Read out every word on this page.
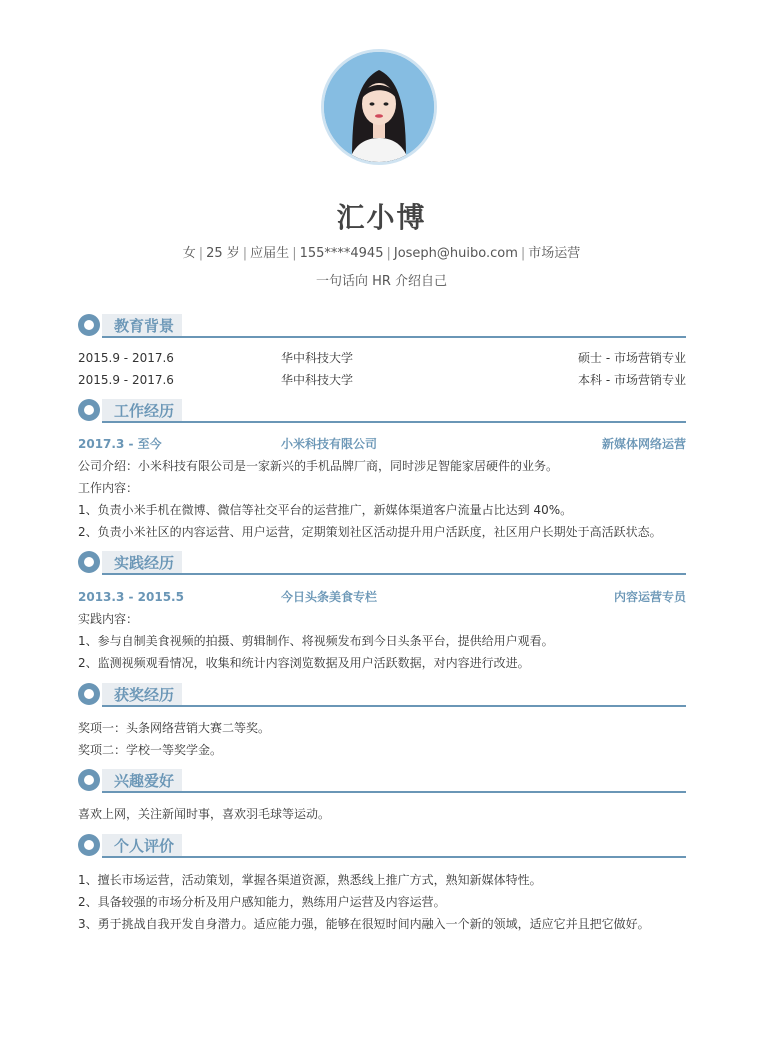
汇小博
女 | 25 岁 | 应届生 | 155****4945 | Joseph@huibo.com | 市场运营
一句话向 HR 介绍自己
教育背景
2015.9 - 2017.6	华中科技大学	硕士 - 市场营销专业
2015.9 - 2017.6	华中科技大学	本科 - 市场营销专业
工作经历
2017.3 - 至今	小米科技有限公司	新媒体网络运营
公司介绍：小米科技有限公司是一家新兴的手机品牌厂商，同时涉足智能家居硬件的业务。
工作内容：
1、负责小米手机在微博、微信等社交平台的运营推广，新媒体渠道客户流量占比达到 40%。
2、负责小米社区的内容运营、用户运营，定期策划社区活动提升用户活跃度，社区用户长期处于高活跃状态。
实践经历
2013.3 - 2015.5	今日头条美食专栏	内容运营专员
实践内容：
1、参与自制美食视频的拍摄、剪辑制作、将视频发布到今日头条平台，提供给用户观看。
2、监测视频观看情况，收集和统计内容浏览数据及用户活跃数据，对内容进行改进。
获奖经历
奖项一：头条网络营销大赛二等奖。
奖项二：学校一等奖学金。
兴趣爱好
喜欢上网，关注新闻时事，喜欢羽毛球等运动。
个人评价
1、擅长市场运营，活动策划，掌握各渠道资源，熟悉线上推广方式，熟知新媒体特性。
2、具备较强的市场分析及用户感知能力，熟练用户运营及内容运营。
3、勇于挑战自我开发自身潜力。适应能力强，能够在很短时间内融入一个新的领域，适应它并且把它做好。
